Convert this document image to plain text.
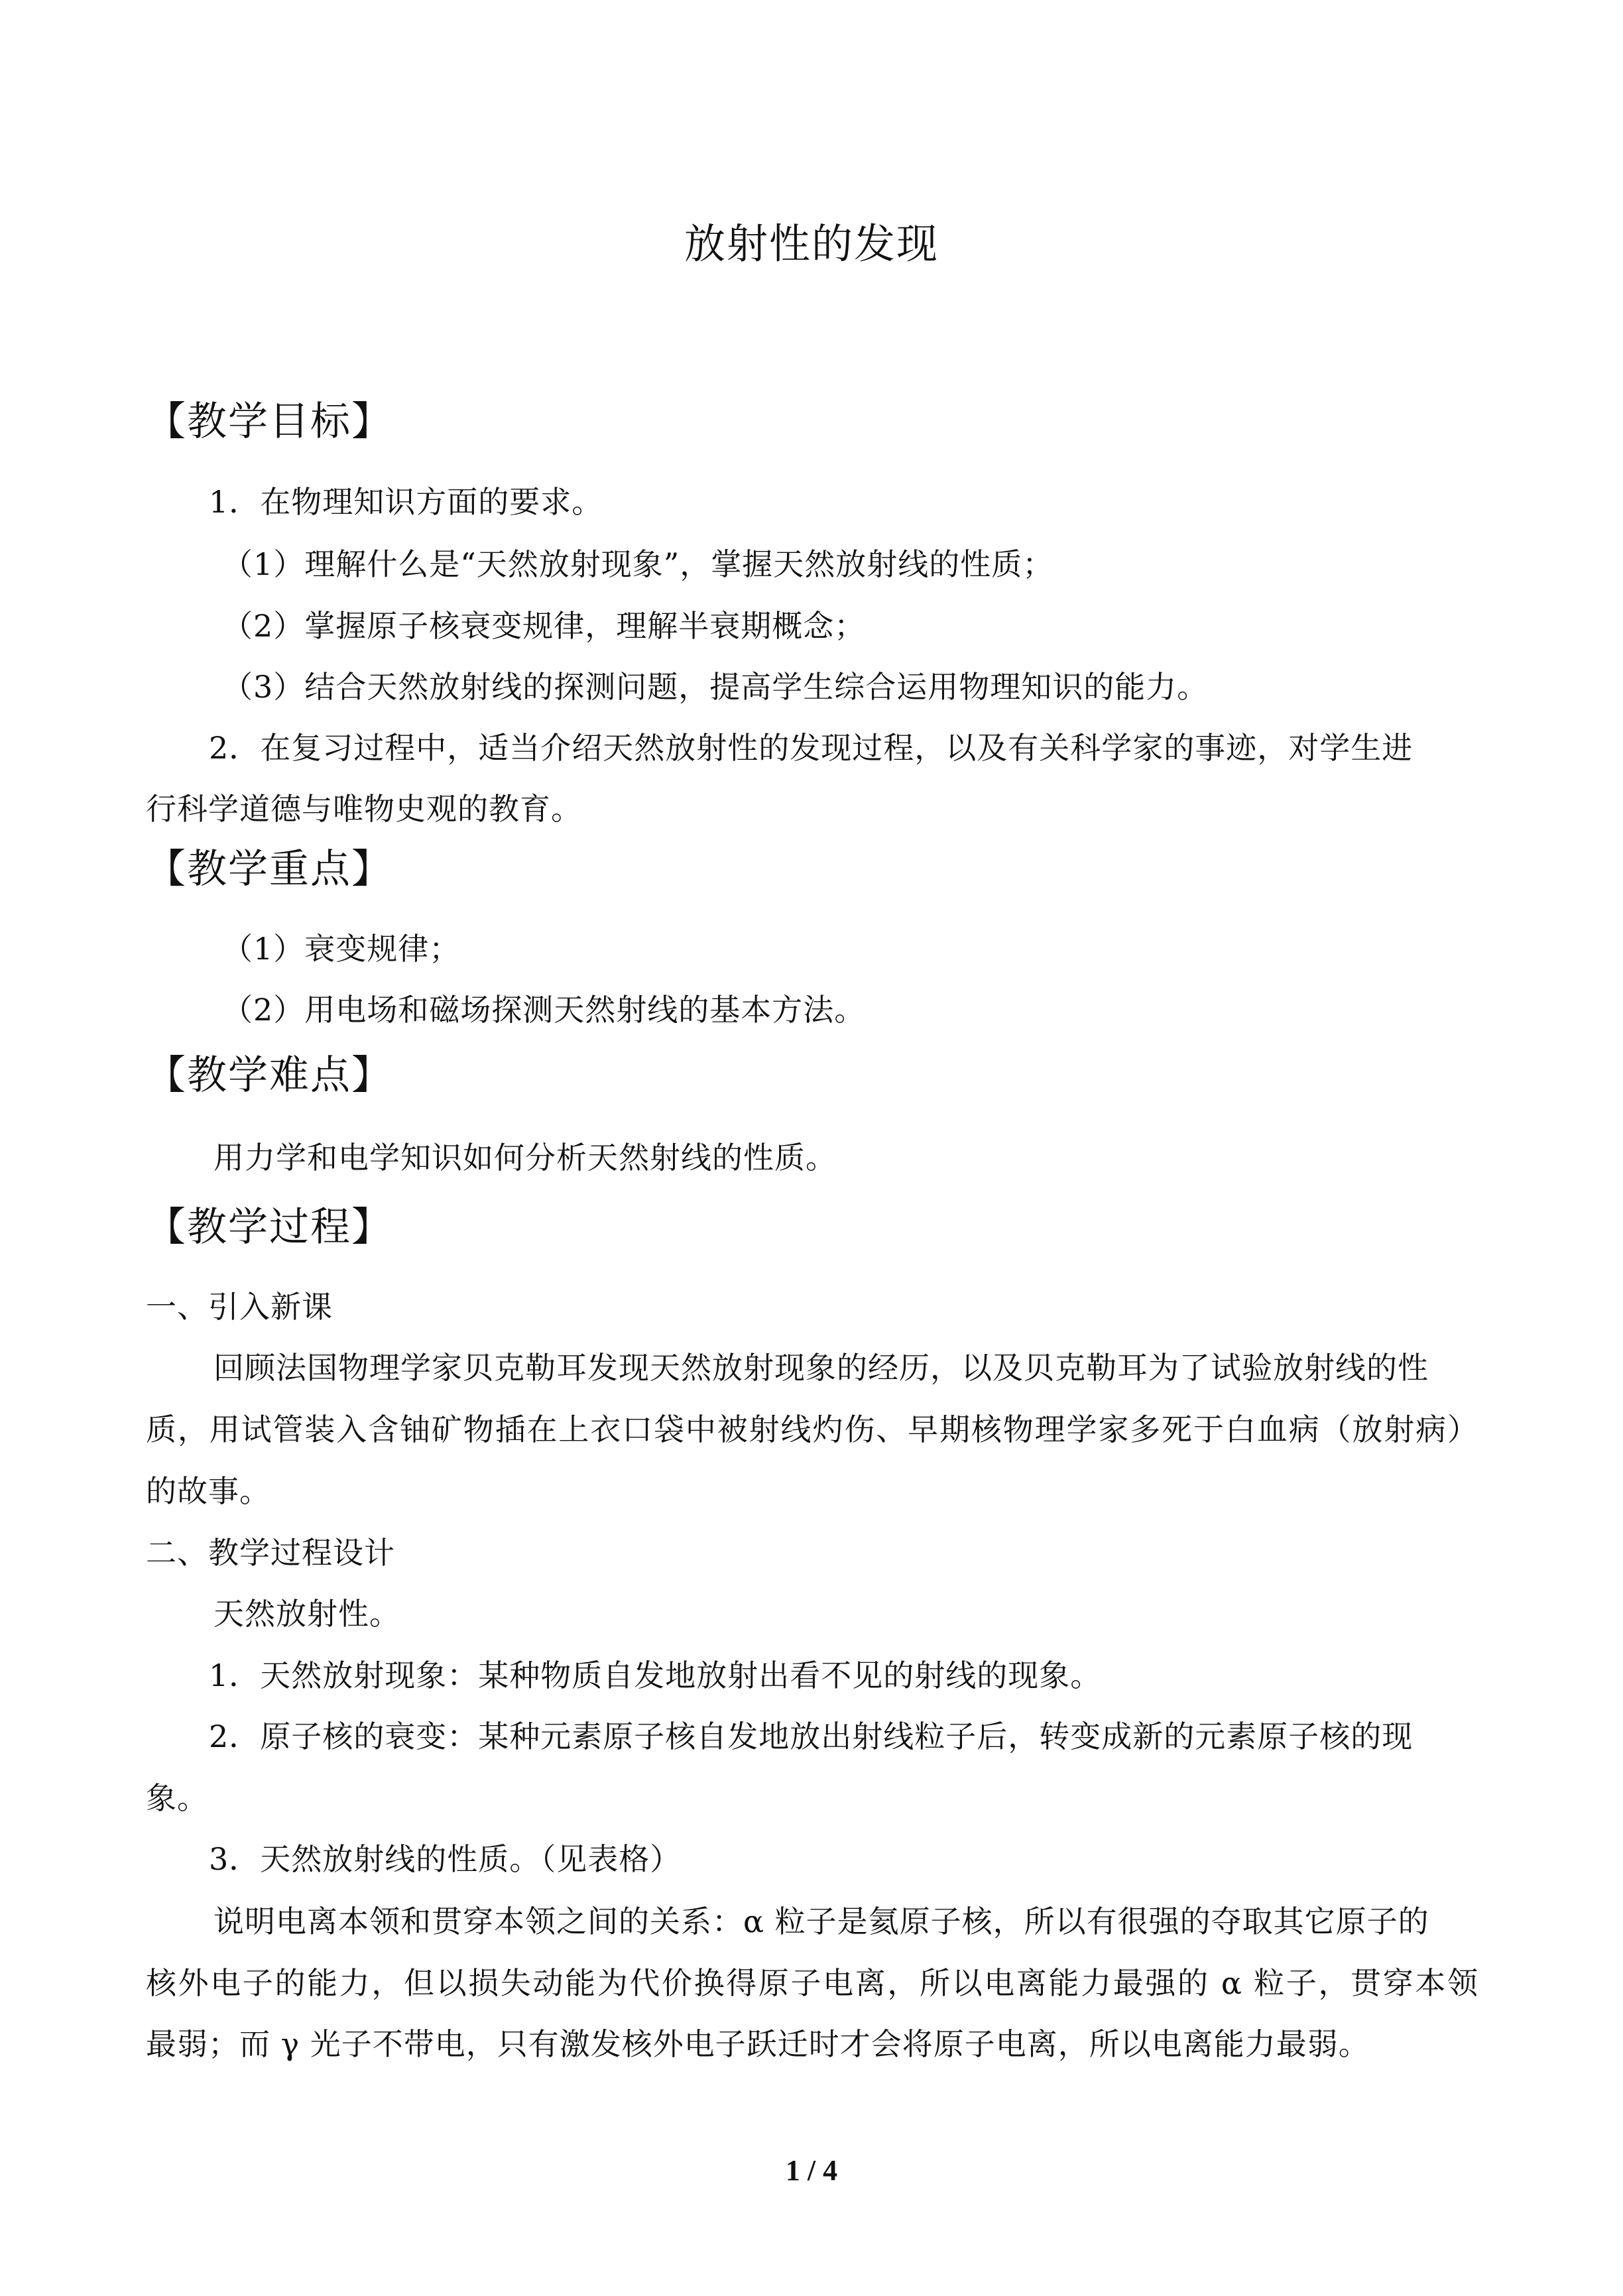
放射性的发现
【教学目标】
1．在物理知识方面的要求。
（1）理解什么是“天然放射现象”，掌握天然放射线的性质；
（2）掌握原子核衰变规律，理解半衰期概念；
（3）结合天然放射线的探测问题，提高学生综合运用物理知识的能力。
2．在复习过程中，适当介绍天然放射性的发现过程，以及有关科学家的事迹，对学生进
行科学道德与唯物史观的教育。
【教学重点】
（1）衰变规律；
（2）用电场和磁场探测天然射线的基本方法。
【教学难点】
用力学和电学知识如何分析天然射线的性质。
【教学过程】
一、引入新课
回顾法国物理学家贝克勒耳发现天然放射现象的经历，以及贝克勒耳为了试验放射线的性
质，用试管装入含铀矿物插在上衣口袋中被射线灼伤、早期核物理学家多死于白血病（放射病）
的故事。
二、教学过程设计
天然放射性。
1．天然放射现象：某种物质自发地放射出看不见的射线的现象。
2．原子核的衰变：某种元素原子核自发地放出射线粒子后，转变成新的元素原子核的现
象。
3．天然放射线的性质。（见表格）
说明电离本领和贯穿本领之间的关系：α 粒子是氦原子核，所以有很强的夺取其它原子的
核外电子的能力，但以损失动能为代价换得原子电离，所以电离能力最强的 α 粒子，贯穿本领
最弱；而 γ 光子不带电，只有激发核外电子跃迁时才会将原子电离，所以电离能力最弱。
1 / 4
